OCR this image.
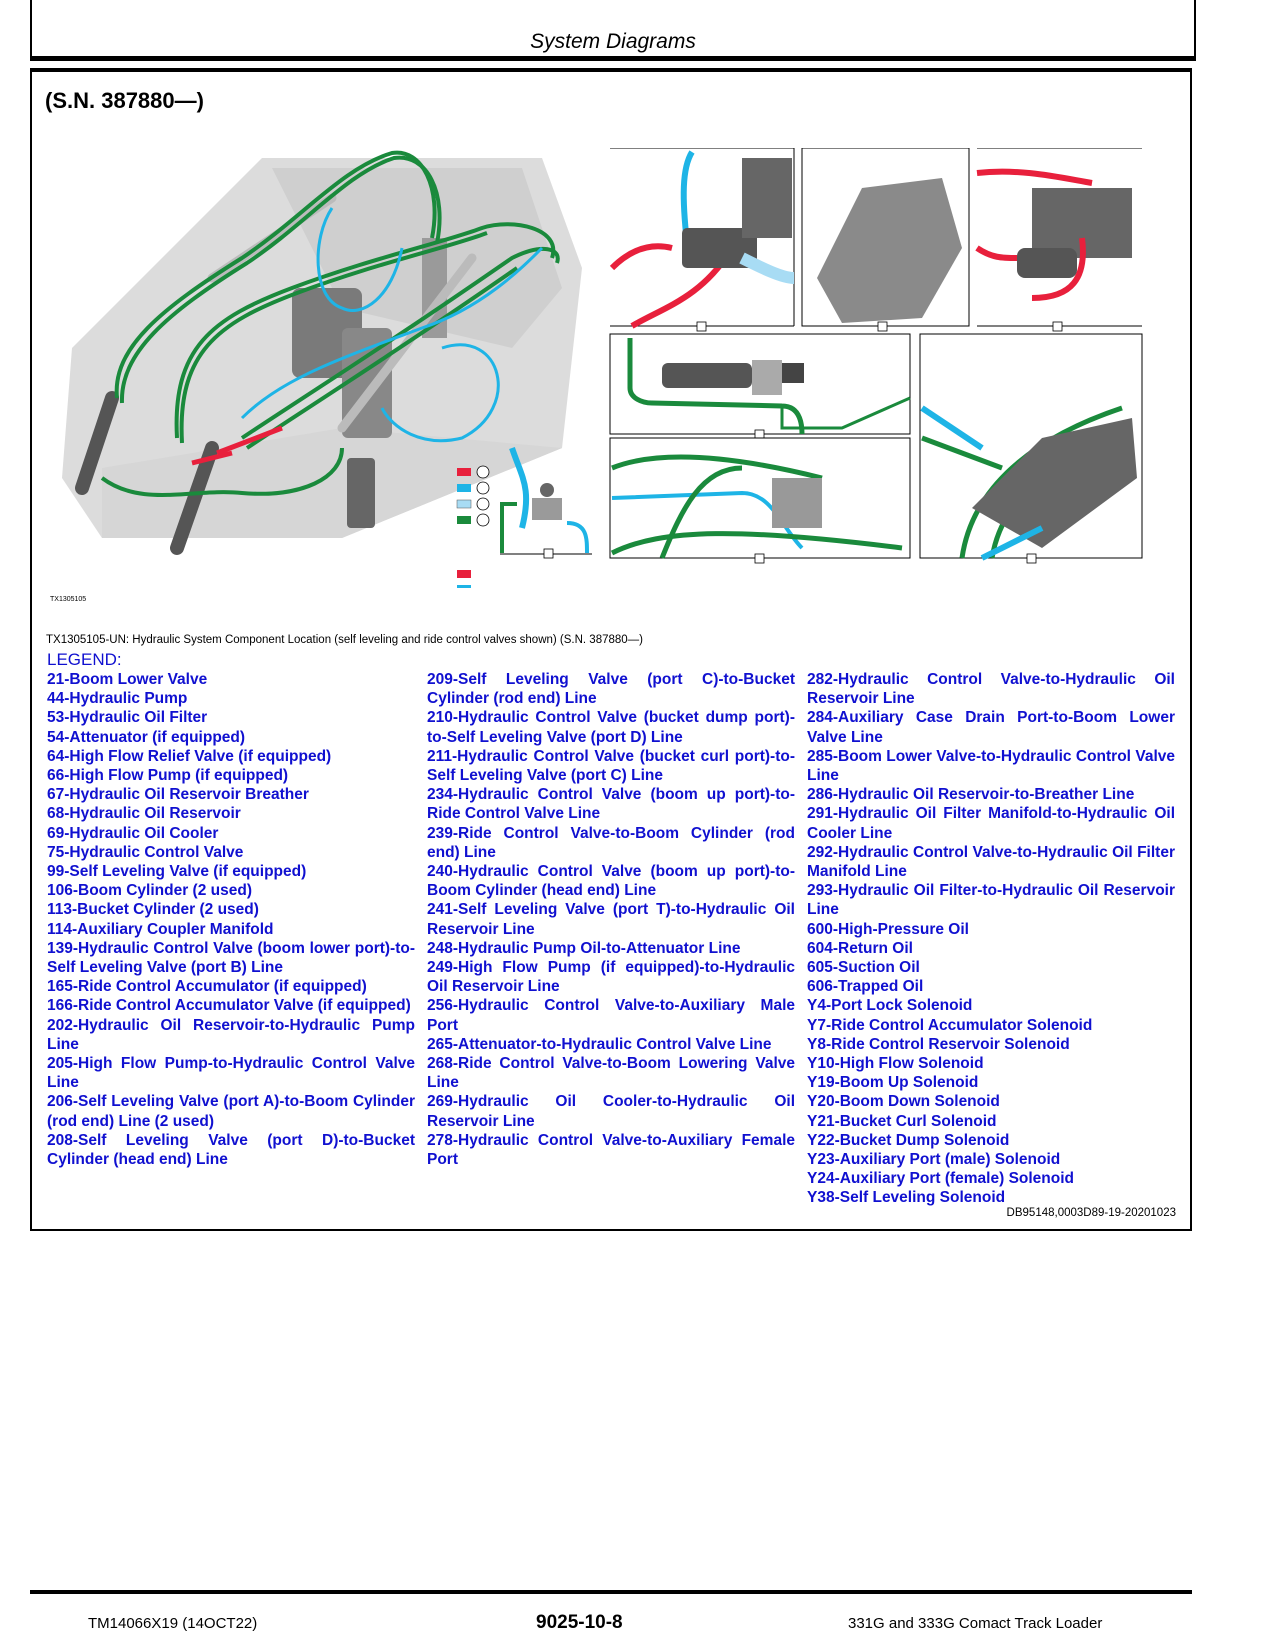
System Diagrams
(S.N. 387880—)
TX1305105
TX1305105-UN: Hydraulic System Component Location (self leveling and ride control valves shown) (S.N. 387880—)
LEGEND:
21-Boom Lower Valve
44-Hydraulic Pump
53-Hydraulic Oil Filter
54-Attenuator (if equipped)
64-High Flow Relief Valve (if equipped)
66-High Flow Pump (if equipped)
67-Hydraulic Oil Reservoir Breather
68-Hydraulic Oil Reservoir
69-Hydraulic Oil Cooler
75-Hydraulic Control Valve
99-Self Leveling Valve (if equipped)
106-Boom Cylinder (2 used)
113-Bucket Cylinder (2 used)
114-Auxiliary Coupler Manifold
139-Hydraulic Control Valve (boom lower port)-to-Self Leveling Valve (port B) Line
165-Ride Control Accumulator (if equipped)
166-Ride Control Accumulator Valve (if equipped)
202-Hydraulic Oil Reservoir-to-Hydraulic Pump Line
205-High Flow Pump-to-Hydraulic Control Valve Line
206-Self Leveling Valve (port A)-to-Boom Cylinder (rod end) Line (2 used)
208-Self Leveling Valve (port D)-to-Bucket Cylinder (head end) Line
209-Self Leveling Valve (port C)-to-Bucket Cylinder (rod end) Line
210-Hydraulic Control Valve (bucket dump port)-to-Self Leveling Valve (port D) Line
211-Hydraulic Control Valve (bucket curl port)-to-Self Leveling Valve (port C) Line
234-Hydraulic Control Valve (boom up port)-to-Ride Control Valve Line
239-Ride Control Valve-to-Boom Cylinder (rod end) Line
240-Hydraulic Control Valve (boom up port)-to-Boom Cylinder (head end) Line
241-Self Leveling Valve (port T)-to-Hydraulic Oil Reservoir Line
248-Hydraulic Pump Oil-to-Attenuator Line
249-High Flow Pump (if equipped)-to-Hydraulic Oil Reservoir Line
256-Hydraulic Control Valve-to-Auxiliary Male Port
265-Attenuator-to-Hydraulic Control Valve Line
268-Ride Control Valve-to-Boom Lowering Valve Line
269-Hydraulic Oil Cooler-to-Hydraulic Oil Reservoir Line
278-Hydraulic Control Valve-to-Auxiliary Female Port
282-Hydraulic Control Valve-to-Hydraulic Oil Reservoir Line
284-Auxiliary Case Drain Port-to-Boom Lower Valve Line
285-Boom Lower Valve-to-Hydraulic Control Valve Line
286-Hydraulic Oil Reservoir-to-Breather Line
291-Hydraulic Oil Filter Manifold-to-Hydraulic Oil Cooler Line
292-Hydraulic Control Valve-to-Hydraulic Oil Filter Manifold Line
293-Hydraulic Oil Filter-to-Hydraulic Oil Reservoir Line
600-High-Pressure Oil
604-Return Oil
605-Suction Oil
606-Trapped Oil
Y4-Port Lock Solenoid
Y7-Ride Control Accumulator Solenoid
Y8-Ride Control Reservoir Solenoid
Y10-High Flow Solenoid
Y19-Boom Up Solenoid
Y20-Boom Down Solenoid
Y21-Bucket Curl Solenoid
Y22-Bucket Dump Solenoid
Y23-Auxiliary Port (male) Solenoid
Y24-Auxiliary Port (female) Solenoid
Y38-Self Leveling Solenoid
DB95148,0003D89-19-20201023
TM14066X19 (14OCT22)	9025-10-8	331G and 333G Comact Track Loader
